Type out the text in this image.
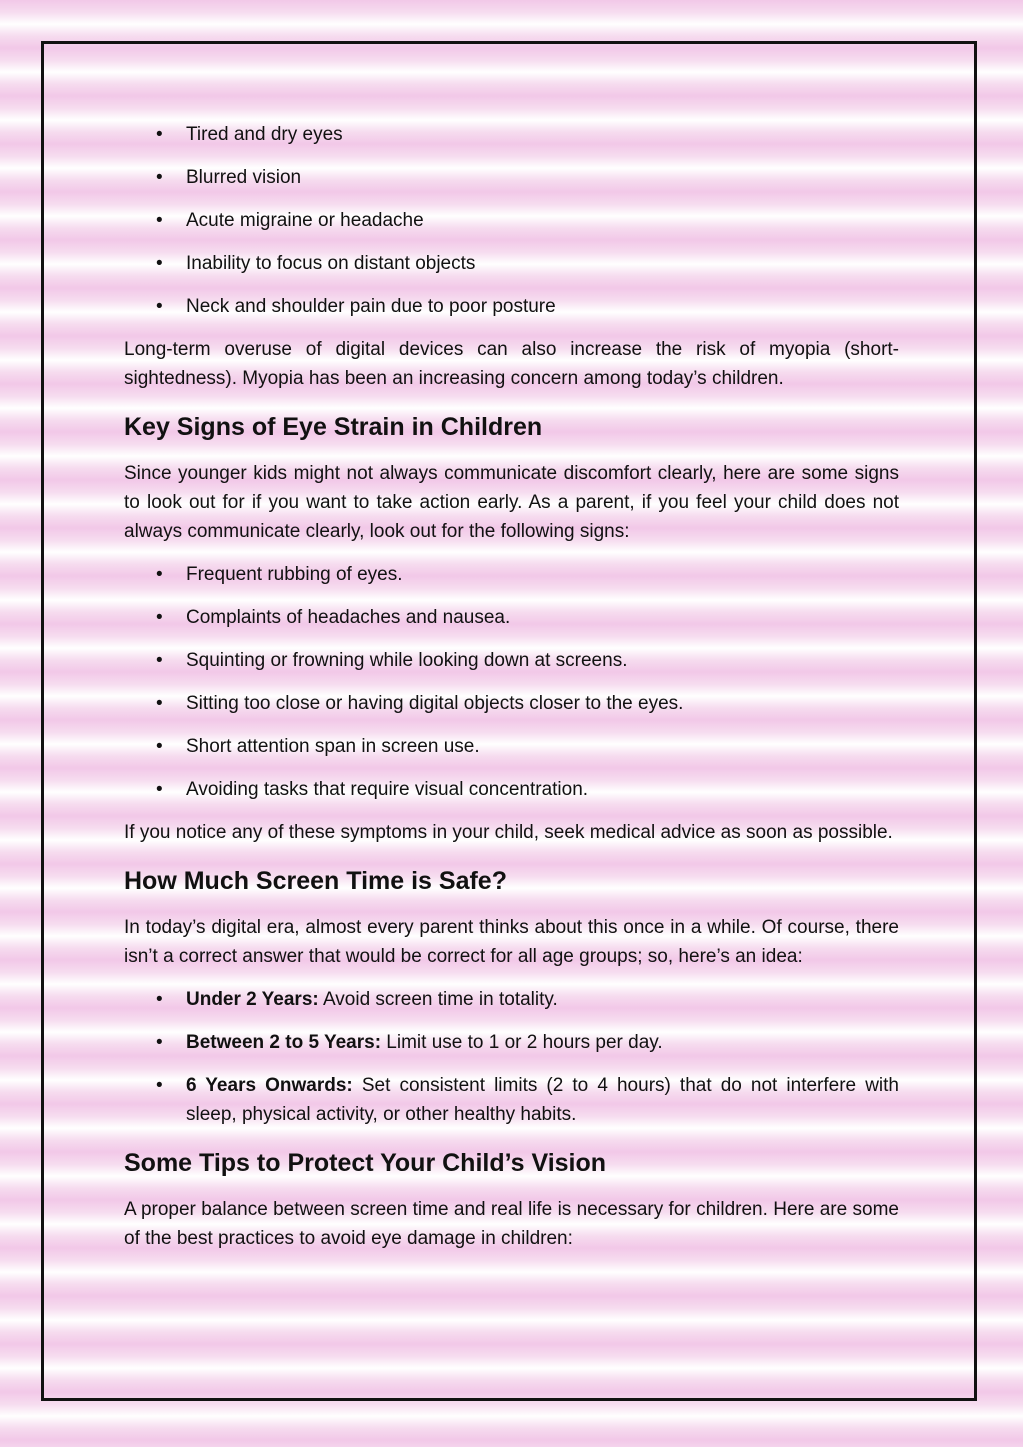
• Tired and dry eyes
• Blurred vision
• Acute migraine or headache
• Inability to focus on distant objects
• Neck and shoulder pain due to poor posture

Long-term overuse of digital devices can also increase the risk of myopia (short-sightedness). Myopia has been an increasing concern among today’s children.

Key Signs of Eye Strain in Children

Since younger kids might not always communicate discomfort clearly, here are some signs to look out for if you want to take action early. As a parent, if you feel your child does not always communicate clearly, look out for the following signs:

• Frequent rubbing of eyes.
• Complaints of headaches and nausea.
• Squinting or frowning while looking down at screens.
• Sitting too close or having digital objects closer to the eyes.
• Short attention span in screen use.
• Avoiding tasks that require visual concentration.

If you notice any of these symptoms in your child, seek medical advice as soon as possible.

How Much Screen Time is Safe?

In today’s digital era, almost every parent thinks about this once in a while. Of course, there isn’t a correct answer that would be correct for all age groups; so, here’s an idea:

• Under 2 Years: Avoid screen time in totality.
• Between 2 to 5 Years: Limit use to 1 or 2 hours per day.
• 6 Years Onwards: Set consistent limits (2 to 4 hours) that do not interfere with sleep, physical activity, or other healthy habits.
Some Tips to Protect Your Child’s Vision

A proper balance between screen time and real life is necessary for children. Here are some of the best practices to avoid eye damage in children:
